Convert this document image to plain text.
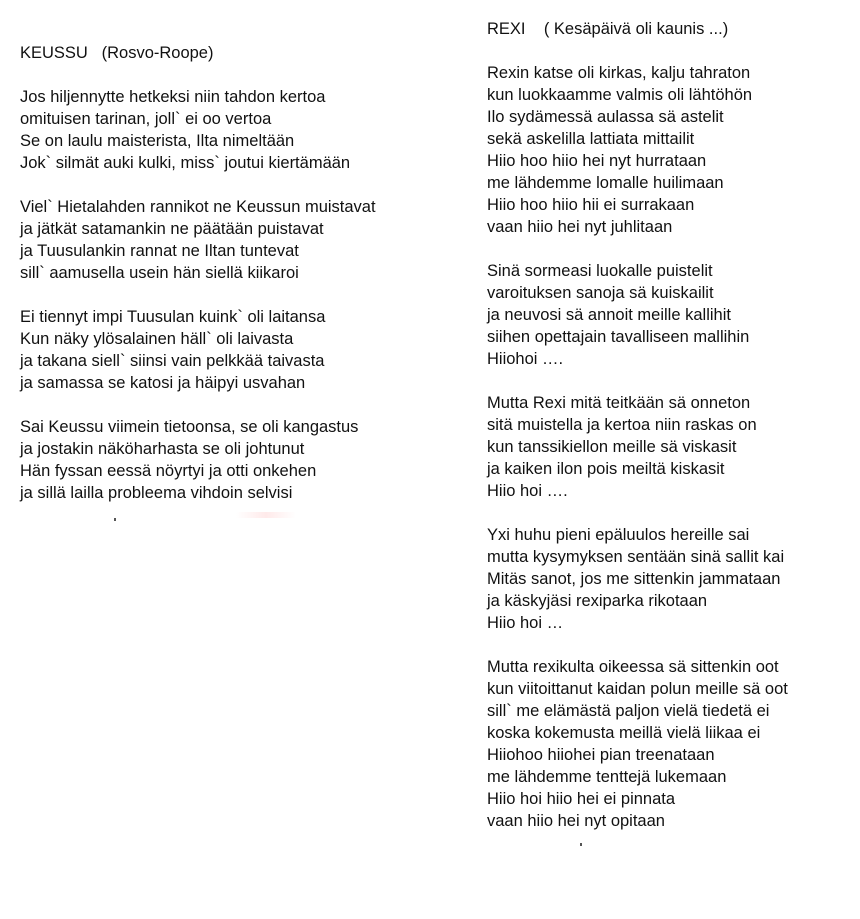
KEUSSU   (Rosvo-Roope)
Jos hiljennytte hetkeksi niin tahdon kertoa
omituisen tarinan, joll` ei oo vertoa
Se on laulu maisterista, Ilta nimeltään
Jok` silmät auki kulki, miss` joutui kiertämään
Viel` Hietalahden rannikot ne Keussun muistavat
ja jätkät satamankin ne päätään puistavat
ja Tuusulankin rannat ne Iltan tuntevat
sill` aamusella usein hän siellä kiikaroi
Ei tiennyt impi Tuusulan kuink` oli laitansa
Kun näky ylösalainen häll` oli laivasta
ja takana siell` siinsi vain pelkkää taivasta
ja samassa se katosi ja häipyi usvahan
Sai Keussu viimein tietoonsa, se oli kangastus
ja jostakin näköharhasta se oli johtunut
Hän fyssan eessä nöyrtyi ja otti onkehen
ja sillä lailla probleema vihdoin selvisi
REXI    ( Kesäpäivä oli kaunis ...)
Rexin katse oli kirkas, kalju tahraton
kun luokkaamme valmis oli lähtöhön
Ilo sydämessä aulassa sä astelit
sekä askelilla lattiata mittailit
Hiio hoo hiio hei nyt hurrataan
me lähdemme lomalle huilimaan
Hiio hoo hiio hii ei surrakaan
vaan hiio hei nyt juhlitaan
Sinä sormeasi luokalle puistelit
varoituksen sanoja sä kuiskailit
ja neuvosi sä annoit meille kallihit
siihen opettajain tavalliseen mallihin
Hiiohoi ….
Mutta Rexi mitä teitkään sä onneton
sitä muistella ja kertoa niin raskas on
kun tanssikiellon meille sä viskasit
ja kaiken ilon pois meiltä kiskasit
Hiio hoi ….
Yxi huhu pieni epäluulos hereille sai
mutta kysymyksen sentään sinä sallit kai
Mitäs sanot, jos me sittenkin jammataan
ja käskyjäsi rexiparka rikotaan
Hiio hoi …
Mutta rexikulta oikeessa sä sittenkin oot
kun viitoittanut kaidan polun meille sä oot
sill` me elämästä paljon vielä tiedetä ei
koska kokemusta meillä vielä liikaa ei
Hiiohoo hiiohei pian treenataan
me lähdemme tenttejä lukemaan
Hiio hoi hiio hei ei pinnata
vaan hiio hei nyt opitaan
